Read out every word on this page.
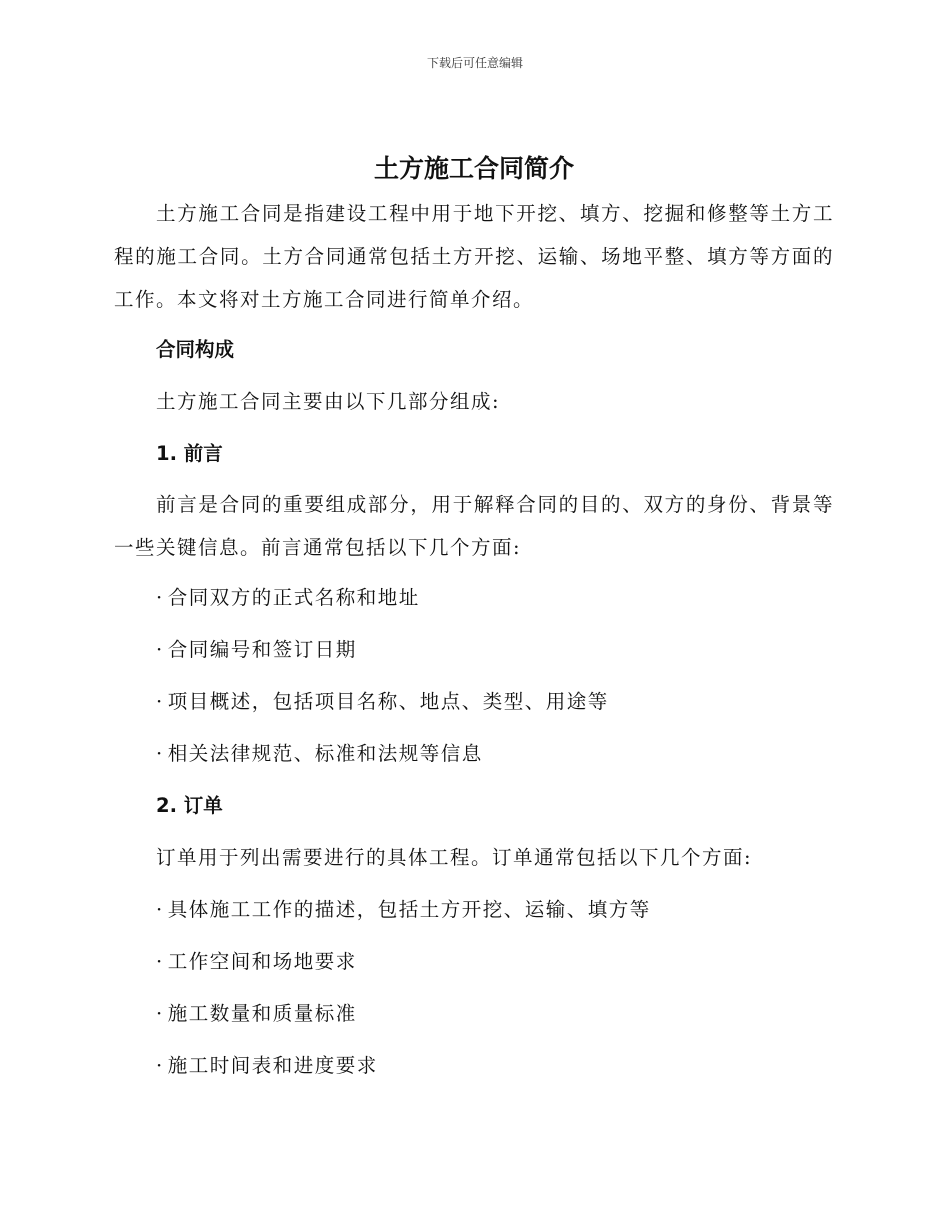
下载后可任意编辑
土方施工合同简介

土方施工合同是指建设工程中用于地下开挖、填方、挖掘和修整等土方工程的施工合同。土方合同通常包括土方开挖、运输、场地平整、填方等方面的工作。本文将对土方施工合同进行简单介绍。

合同构成
土方施工合同主要由以下几部分组成:
1. 前言

前言是合同的重要组成部分，用于解释合同的目的、双方的身份、背景等一些关键信息。前言通常包括以下几个方面:

· 合同双方的正式名称和地址
· 合同编号和签订日期
· 项目概述，包括项目名称、地点、类型、用途等
· 相关法律规范、标准和法规等信息
2. 订单
订单用于列出需要进行的具体工程。订单通常包括以下几个方面:
· 具体施工工作的描述，包括土方开挖、运输、填方等
· 工作空间和场地要求
· 施工数量和质量标准
· 施工时间表和进度要求
